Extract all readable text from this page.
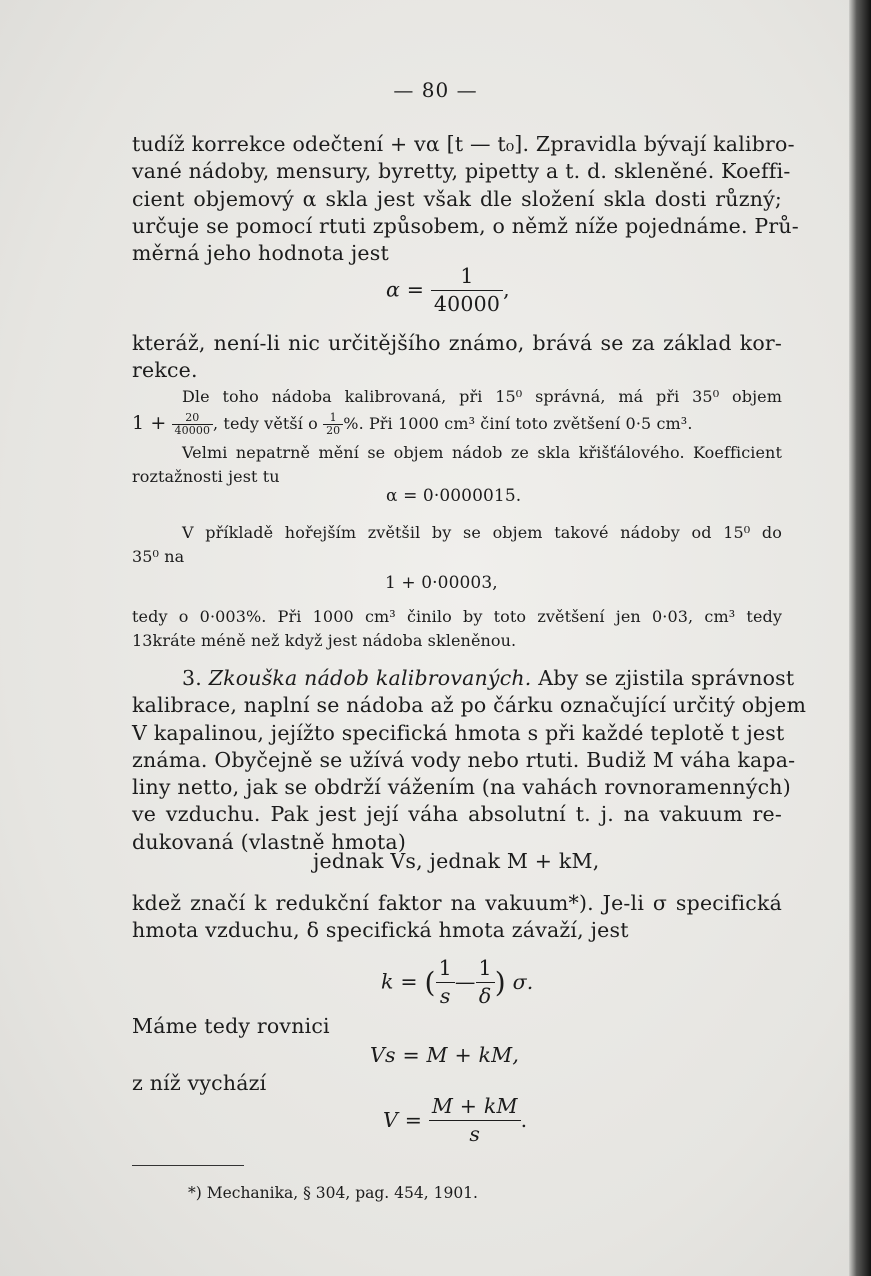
— 80 —
tudíž korrekce odečtení + vα [t — t₀]. Zpravidla bývají kalibro-
vané nádoby, mensury, byretty, pipetty a t. d. skleněné. Koeffi-
cient objemový α skla jest však dle složení skla dosti různý;
určuje se pomocí rtuti způsobem, o němž níže pojednáme. Prů-
měrná jeho hodnota jest
$\alpha = \frac{1}{40000}$ ,
kteráž, není-li nic určitějšího známo, brává se za základ kor-
rekce.
Dle toho nádoba kalibrovaná, při 15⁰ správná, má při 35⁰ objem
$1 + \frac{20}{40000}$ , tedy větší o $\frac{1}{20}$ %. Při 1000 cm³ činí toto zvětšení 0·5 cm³.
Velmi nepatrně mění se objem nádob ze skla křišťálového. Koefficient
roztažnosti jest tu
α = 0·0000015.
V příkladě hořejším zvětšil by se objem takové nádoby od 15⁰ do
35⁰ na
1 + 0·00003,
tedy o 0·003%. Při 1000 cm³ činilo by toto zvětšení jen 0·03, cm³ tedy
13kráte méně než když jest nádoba skleněnou.
3. Zkouška nádob kalibrovaných. Aby se zjistila správnost
kalibrace, naplní se nádoba až po čárku označující určitý objem
V kapalinou, jejížto specifická hmota s při každé teplotě t jest
známa. Obyčejně se užívá vody nebo rtuti. Budiž M váha kapa-
liny netto, jak se obdrží vážením (na vahách rovnoramenných)
ve vzduchu. Pak jest její váha absolutní t. j. na vakuum re-
dukovaná (vlastně hmota)
jednak Vs, jednak M + kM,
kdež značí k redukční faktor na vakuum*). Je-li σ specifická
hmota vzduchu, δ specifická hmota závaží, jest
k = ( $\frac{1}{s}$ — $\frac{1}{\delta}$ ) σ.
Máme tedy rovnici
Vs = M + kM,
z níž vychází
$V = \frac{M + kM}{s}$ .
*) Mechanika, § 304, pag. 454, 1901.
